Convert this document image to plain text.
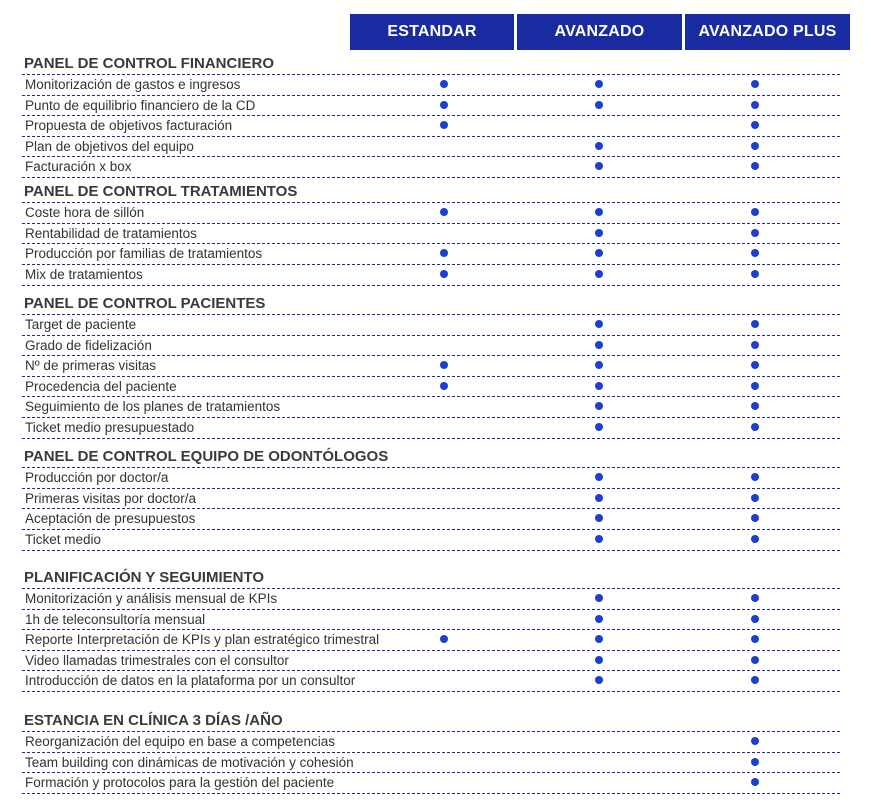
ESTANDAR	AVANZADO	AVANZADO PLUS
PANEL DE CONTROL FINANCIERO
Monitorización de gastos e ingresos
Punto de equilibrio financiero de la CD
Propuesta de objetivos facturación
Plan de objetivos del equipo
Facturación x box
PANEL DE CONTROL TRATAMIENTOS
Coste hora de sillón
Rentabilidad de tratamientos
Producción por familias de tratamientos
Mix de tratamientos
PANEL DE CONTROL PACIENTES
Target de paciente
Grado de fidelización
Nº de primeras visitas
Procedencia del paciente
Seguimiento de los planes de tratamientos
Ticket medio presupuestado
PANEL DE CONTROL EQUIPO DE ODONTÓLOGOS
Producción por doctor/a
Primeras visitas por doctor/a
Aceptación de presupuestos
Ticket medio
PLANIFICACIÓN Y SEGUIMIENTO
Monitorización y análisis mensual de KPIs
1h de teleconsultoría mensual
Reporte Interpretación de KPIs y plan estratégico trimestral
Video llamadas trimestrales con el consultor
Introducción de datos en la plataforma por un consultor
ESTANCIA EN CLÍNICA 3 DÍAS /AÑO
Reorganización del equipo en base a competencias
Team building con dinámicas de motivación y cohesión
Formación y protocolos para la gestión del paciente
